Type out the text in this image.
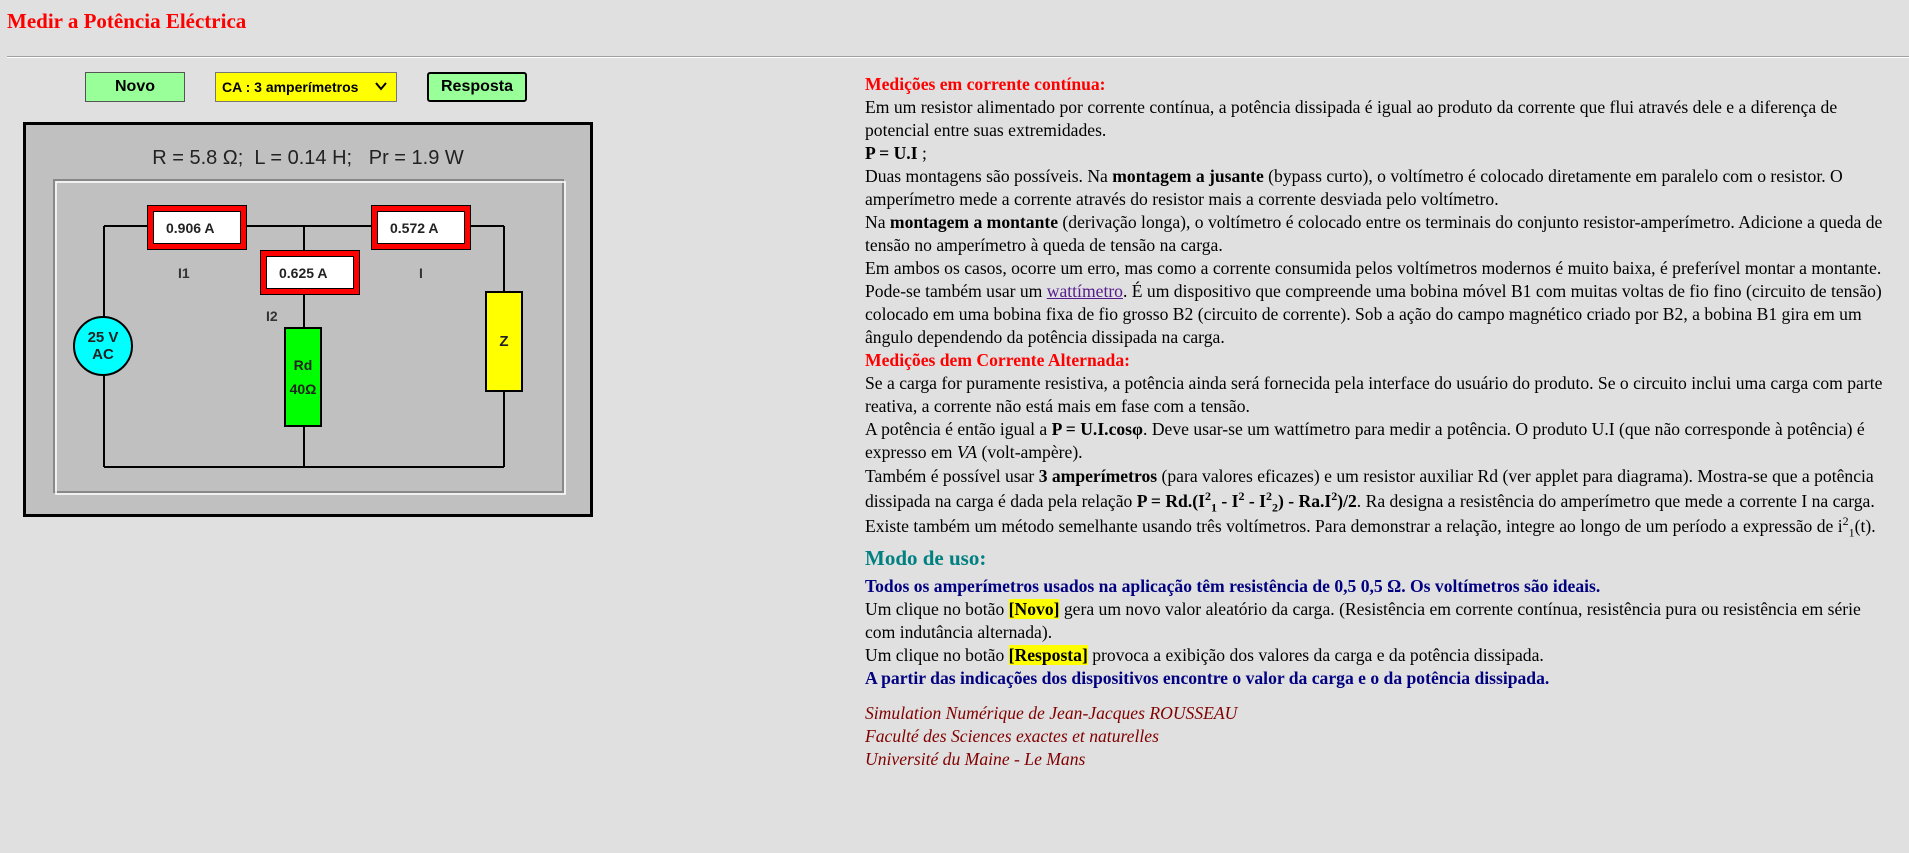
Medir a Potência Eléctrica
Novo	CA : 3 amperímetros	Resposta
R = 5.8 Ω;  L = 0.14 H;   Pr = 1.9 W
0.906 A
0.625 A
0.572 A
I1
I2
I
25 V
AC
Rd
40Ω
Z

Medições em corrente contínua:

Em um resistor alimentado por corrente contínua, a potência dissipada é igual ao produto da corrente que flui através dele e a diferença de potencial entre suas extremidades.

P = U.I ;

Duas montagens são possíveis. Na montagem a jusante (bypass curto), o voltímetro é colocado diretamente em paralelo com o resistor. O amperímetro mede a corrente através do resistor mais a corrente desviada pelo voltímetro.

Na montagem a montante (derivação longa), o voltímetro é colocado entre os terminais do conjunto resistor-amperímetro. Adicione a queda de tensão no amperímetro à queda de tensão na carga.

Em ambos os casos, ocorre um erro, mas como a corrente consumida pelos voltímetros modernos é muito baixa, é preferível montar a montante.

Pode-se também usar um wattímetro. É um dispositivo que compreende uma bobina móvel B1 com muitas voltas de fio fino (circuito de tensão) colocado em uma bobina fixa de fio grosso B2 (circuito de corrente). Sob a ação do campo magnético criado por B2, a bobina B1 gira em um ângulo dependendo da potência dissipada na carga.

Medições dem Corrente Alternada:

Se a carga for puramente resistiva, a potência ainda será fornecida pela interface do usuário do produto. Se o circuito inclui uma carga com parte reativa, a corrente não está mais em fase com a tensão.

A potência é então igual a P = U.I.cosφ. Deve usar-se um wattímetro para medir a potência. O produto U.I (que não corresponde à potência) é expresso em VA (volt-ampère).

Também é possível usar 3 amperímetros (para valores eficazes) e um resistor auxiliar Rd (ver applet para diagrama). Mostra-se que a potência dissipada na carga é dada pela relação $P = Rd.(I^2_1 - I^2 - I^2_2) - Ra.I^2)/2$. Ra designa a resistência do amperímetro que mede a corrente I na carga. Existe também um método semelhante usando três voltímetros. Para demonstrar a relação, integre ao longo de um período a expressão de $i^2_1(t)$.

Modo de uso:

Todos os amperímetros usados na aplicação têm resistência de 0,5 0,5 Ω. Os voltímetros são ideais.

Um clique no botão [Novo] gera um novo valor aleatório da carga. (Resistência em corrente contínua, resistência pura ou resistência em série com indutância alternada).

Um clique no botão [Resposta] provoca a exibição dos valores da carga e da potência dissipada.

A partir das indicações dos dispositivos encontre o valor da carga e o da potência dissipada.

Simulation Numérique de Jean-Jacques ROUSSEAU

Faculté des Sciences exactes et naturelles

Université du Maine - Le Mans
